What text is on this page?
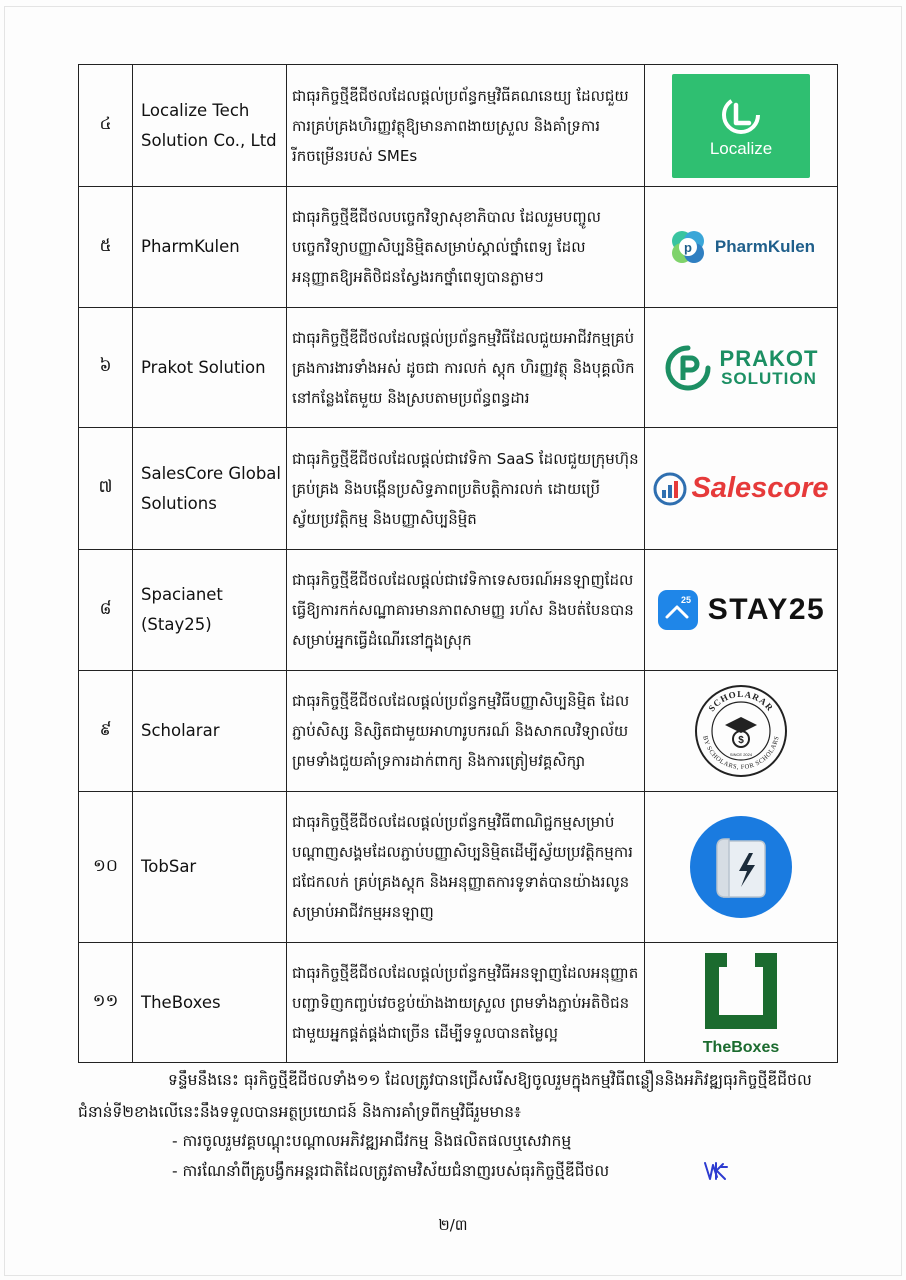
៤	Localize Tech Solution Co., Ltd	ជាធុរកិច្ចថ្មីឌីជីថលដែលផ្ដល់ប្រព័ន្ធកម្មវិធីគណនេយ្យ ដែលជួយការគ្រប់គ្រងហិរញ្ញវត្ថុឱ្យមានភាពងាយស្រួល និងគាំទ្រការរីកចម្រើនរបស់ SMEs	Localize

៥	PharmKulen	ជាធុរកិច្ចថ្មីឌីជីថលបច្ចេកវិទ្យាសុខាភិបាល ដែលរួមបញ្ចូលបច្ចេកវិទ្យាបញ្ញាសិប្បនិម្មិតសម្រាប់ស្គាល់ថ្នាំពេទ្យ ដែលអនុញ្ញាតឱ្យអតិថិជនស្វែងរកថ្នាំពេទ្យបានភ្លាមៗ	p PharmKulen

៦	Prakot Solution	ជាធុរកិច្ចថ្មីឌីជីថលដែលផ្ដល់ប្រព័ន្ធកម្មវិធីដែលជួយអាជីវកម្មគ្រប់គ្រងការងារទាំងអស់ ដូចជា ការលក់ ស្ដុក ហិរញ្ញវត្ថុ និងបុគ្គលិក នៅកន្លែងតែមួយ និងស្របតាមប្រព័ន្ធពន្ធដារ	PRAKOT
SOLUTION

៧	SalesCore Global Solutions	ជាធុរកិច្ចថ្មីឌីជីថលដែលផ្ដល់ជាវេទិកា SaaS ដែលជួយក្រុមហ៊ុនគ្រប់គ្រង និងបង្កើនប្រសិទ្ធភាពប្រតិបត្តិការលក់ ដោយប្រើស្វ័យប្រវត្តិកម្ម និងបញ្ញាសិប្បនិម្មិត	Salescore

៨	Spacianet (Stay25)	ជាធុរកិច្ចថ្មីឌីជីថលដែលផ្ដល់ជាវេទិកាទេសចរណ៍អនឡាញដែលធ្វើឱ្យការកក់សណ្ឋាគារមានភាពសាមញ្ញ រហ័ស និងបត់បែនបាន សម្រាប់អ្នកធ្វើដំណើរនៅក្នុងស្រុក	25 STAY25

៩	Scholarar	ជាធុរកិច្ចថ្មីឌីជីថលដែលផ្ដល់ប្រព័ន្ធកម្មវិធីបញ្ញាសិប្បនិម្មិត ដែលភ្ជាប់សិស្ស និស្សិតជាមួយអាហារូបករណ៍ និងសាកលវិទ្យាល័យ ព្រមទាំងជួយគាំទ្រការដាក់ពាក្យ និងការត្រៀមវគ្គសិក្សា	SCHOLARAR
BY SCHOLARS, FOR SCHOLARS
$
SINCE 2024

១០	TobSar	ជាធុរកិច្ចថ្មីឌីជីថលដែលផ្ដល់ប្រព័ន្ធកម្មវិធីពាណិជ្ជកម្មសម្រាប់បណ្ដាញសង្គមដែលភ្ជាប់បញ្ញាសិប្បនិម្មិតដើម្បីស្វ័យប្រវត្តិកម្មការជជែកលក់ គ្រប់គ្រងស្ដុក និងអនុញ្ញាតការទូទាត់បានយ៉ាងរលូន សម្រាប់អាជីវកម្មអនឡាញ	

១១	TheBoxes	ជាធុរកិច្ចថ្មីឌីជីថលដែលផ្ដល់ប្រព័ន្ធកម្មវិធីអនឡាញដែលអនុញ្ញាតបញ្ជាទិញកញ្ចប់វេចខ្ចប់យ៉ាងងាយស្រួល ព្រមទាំងភ្ជាប់អតិថិជនជាមួយអ្នកផ្គត់ផ្គង់ជាច្រើន ដើម្បីទទួលបានតម្លៃល្អ	TheBoxes

ទន្ទឹមនឹងនេះ ធុរកិច្ចថ្មីឌីជីថលទាំង១១ ដែលត្រូវបានជ្រើសរើសឱ្យចូលរួមក្នុងកម្មវិធីពន្លឿននិងអភិវឌ្ឍធុរកិច្ចថ្មីឌីជីថលជំនាន់ទី២ខាងលើនេះនឹងទទួលបានអត្ថប្រយោជន៍ និងការគាំទ្រពីកម្មវិធីរួមមាន៖

- ការចូលរួមវគ្គបណ្ដុះបណ្ដាលអភិវឌ្ឍអាជីវកម្ម និងផលិតផលឬសេវាកម្ម

- ការណែនាំពីគ្រូបង្វឹកអន្តរជាតិដែលត្រូវតាមវិស័យជំនាញរបស់ធុរកិច្ចថ្មីឌីជីថល

២/៣
